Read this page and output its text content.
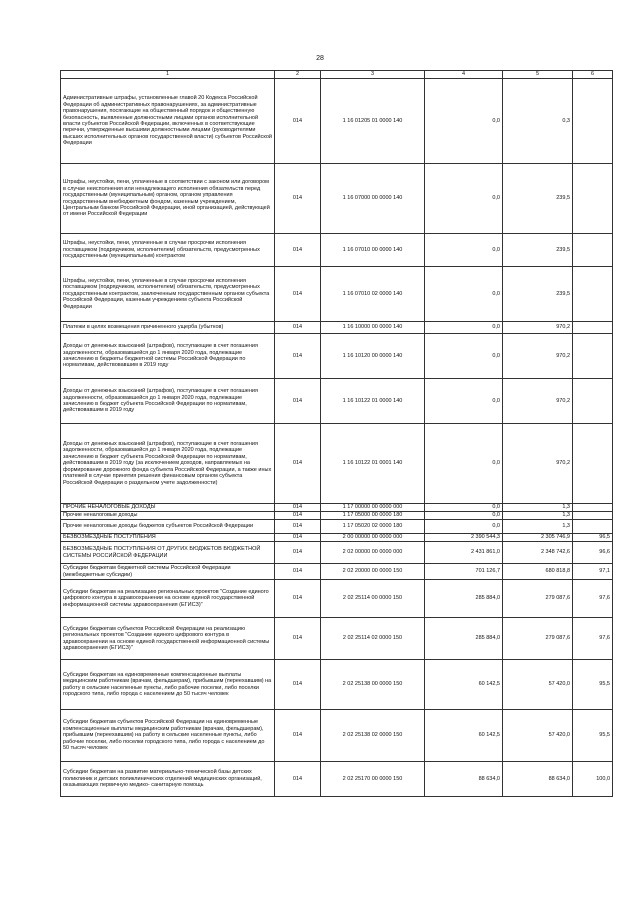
28
1	2	3	4	5	6
Административные штрафы, установленные главой 20 Кодекса Российской Федерации об административных правонарушениях, за административные правонарушения, посягающие на общественный порядок и общественную безопасность, выявленные должностными лицами органов исполнительной власти субъектов Российской Федерации, включенных в соответствующие перечни, утвержденные высшими должностными лицами (руководителями высших исполнительных органов государственной власти) субъектов Российской Федерации	014	1 16 01205 01 0000 140	0,0	0,3	
Штрафы, неустойки, пени, уплаченные в соответствии с законом или договором в случае неисполнения или ненадлежащего исполнения обязательств перед государственным (муниципальным) органом, органом управления государственным внебюджетным фондом, казенным учреждением, Центральным банком Российской Федерации, иной организацией, действующей от имени Российской Федерации	014	1 16 07000 00 0000 140	0,0	239,5	
Штрафы, неустойки, пени, уплаченные в случае просрочки исполнения поставщиком (подрядчиком, исполнителем) обязательств, предусмотренных государственным (муниципальным) контрактом	014	1 16 07010 00 0000 140	0,0	239,5	
Штрафы, неустойки, пени, уплаченные в случае просрочки исполнения поставщиком (подрядчиком, исполнителем) обязательств, предусмотренных государственным контрактом, заключенным государственным органом субъекта Российской Федерации, казенным учреждением субъекта Российской Федерации	014	1 16 07010 02 0000 140	0,0	239,5	
Платежи в целях возмещения причиненного ущерба (убытков)	014	1 16 10000 00 0000 140	0,0	970,2	
Доходы от денежных взысканий (штрафов), поступающие в счет погашения задолженности, образовавшейся до 1 января 2020 года, подлежащие зачислению в бюджеты бюджетной системы Российской Федерации по нормативам, действовавшим в 2019 году	014	1 16 10120 00 0000 140	0,0	970,2	
Доходы от денежных взысканий (штрафов), поступающие в счет погашения задолженности, образовавшейся до 1 января 2020 года, подлежащие зачислению в бюджет субъекта Российской Федерации по нормативам, действовавшим в 2019 году	014	1 16 10122 01 0000 140	0,0	970,2	
Доходы от денежных взысканий (штрафов), поступающие в счет погашения задолженности, образовавшейся до 1 января 2020 года, подлежащие зачислению в бюджет субъекта Российской Федерации по нормативам, действовавшим в 2019 году (за исключением доходов, направляемых на формирование дорожного фонда субъекта Российской Федерации, а также иных платежей в случае принятия решения финансовым органом субъекта Российской Федерации о раздельном учете задолженности)	014	1 16 10122 01 0001 140	0,0	970,2	
ПРОЧИЕ НЕНАЛОГОВЫЕ ДОХОДЫ	014	1 17 00000 00 0000 000	0,0	1,3	
Прочие неналоговые доходы	014	1 17 05000 00 0000 180	0,0	1,3	
Прочие неналоговые доходы бюджетов субъектов Российской Федерации	014	1 17 05020 02 0000 180	0,0	1,3	
БЕЗВОЗМЕЗДНЫЕ ПОСТУПЛЕНИЯ	014	2 00 00000 00 0000 000	2 390 544,3	2 305 746,9	96,5
БЕЗВОЗМЕЗДНЫЕ ПОСТУПЛЕНИЯ ОТ ДРУГИХ БЮДЖЕТОВ БЮДЖЕТНОЙ СИСТЕМЫ РОССИЙСКОЙ ФЕДЕРАЦИИ	014	2 02 00000 00 0000 000	2 431 861,0	2 348 742,6	96,6
Субсидии бюджетам бюджетной системы Российской Федерации (межбюджетные субсидии)	014	2 02 20000 00 0000 150	701 126,7	680 818,8	97,1
Субсидии бюджетам на реализацию региональных проектов "Создание единого цифрового контура в здравоохранении на основе единой государственной информационной системы здравоохранения (ЕГИСЗ)"	014	2 02 25114 00 0000 150	285 884,0	279 087,6	97,6
Субсидии бюджетам субъектов Российской Федерации на реализацию региональных проектов "Создание единого цифрового контура в здравоохранении на основе единой государственной информационной системы здравоохранения (ЕГИСЗ)"	014	2 02 25114 02 0000 150	285 884,0	279 087,6	97,6
Субсидии бюджетам на единовременные компенсационные выплаты медицинским работникам (врачам, фельдшерам), прибывшим (переехавшим) на работу в сельские населенные пункты, либо рабочие поселки, либо поселки городского типа, либо города с населением до 50 тысяч человек	014	2 02 25138 00 0000 150	60 142,5	57 420,0	95,5
Субсидии бюджетам субъектов Российской Федерации на единовременные компенсационные выплаты медицинским работникам (врачам, фельдшерам), прибывшим (переехавшим) на работу в сельские населенные пункты, либо рабочие поселки, либо поселки городского типа, либо города с населением до 50 тысяч человек	014	2 02 25138 02 0000 150	60 142,5	57 420,0	95,5
Субсидии бюджетам на развитие материально-технической базы детских поликлиник и детских поликлинических отделений медицинских организаций, оказывающих первичную медико- санитарную помощь	014	2 02 25170 00 0000 150	88 634,0	88 634,0	100,0
